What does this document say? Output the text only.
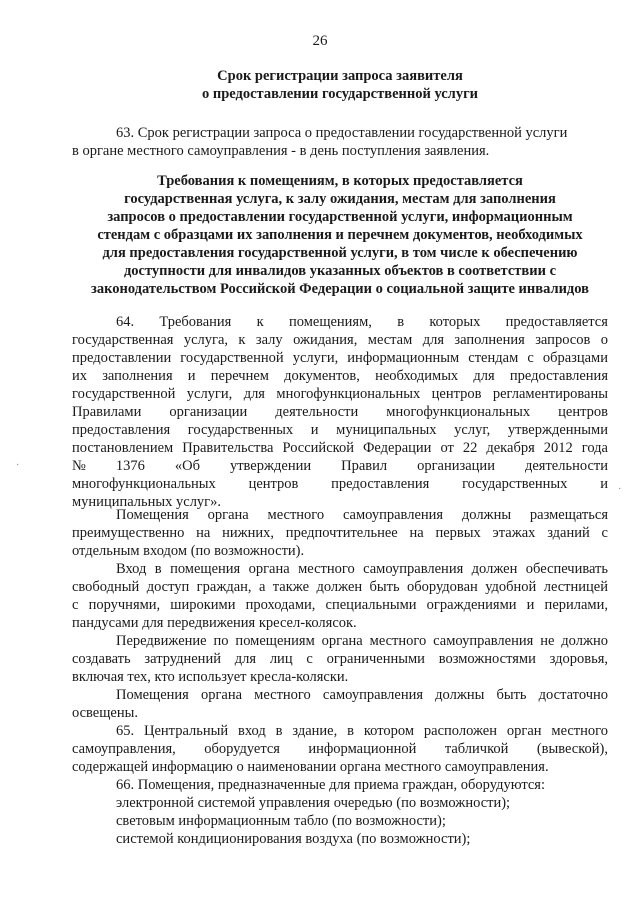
26
Срок регистрации запроса заявителя
о предоставлении государственной услуги
63. Срок регистрации запроса о предоставлении государственной услуги
в органе местного самоуправления - в день поступления заявления.
Требования к помещениям, в которых предоставляется
государственная услуга, к залу ожидания, местам для заполнения
запросов о предоставлении государственной услуги, информационным
стендам с образцами их заполнения и перечнем документов, необходимых
для предоставления государственной услуги, в том числе к обеспечению
доступности для инвалидов указанных объектов в соответствии с
законодательством Российской Федерации о социальной защите инвалидов
64. Требования к помещениям, в которых предоставляется
государственная услуга, к залу ожидания, местам для заполнения запросов о
предоставлении государственной услуги, информационным стендам с образцами
их заполнения и перечнем документов, необходимых для предоставления
государственной услуги, для многофункциональных центров регламентированы
Правилами организации деятельности многофункциональных центров
предоставления государственных и муниципальных услуг, утвержденными
постановлением Правительства Российской Федерации от 22 декабря 2012 года
№ 1376 «Об утверждении Правил организации деятельности
многофункциональных центров предоставления государственных и
муниципальных услуг».
Помещения органа местного самоуправления должны размещаться
преимущественно на нижних, предпочтительнее на первых этажах зданий с
отдельным входом (по возможности).
Вход в помещения органа местного самоуправления должен обеспечивать
свободный доступ граждан, а также должен быть оборудован удобной лестницей
с поручнями, широкими проходами, специальными ограждениями и перилами,
пандусами для передвижения кресел-колясок.
Передвижение по помещениям органа местного самоуправления не должно
создавать затруднений для лиц с ограниченными возможностями здоровья,
включая тех, кто использует кресла-коляски.
Помещения органа местного самоуправления должны быть достаточно
освещены.
65. Центральный вход в здание, в котором расположен орган местного
самоуправления, оборудуется информационной табличкой (вывеской),
содержащей информацию о наименовании органа местного самоуправления.
66. Помещения, предназначенные для приема граждан, оборудуются:
электронной системой управления очередью (по возможности);
световым информационным табло (по возможности);
системой кондиционирования воздуха (по возможности);
·
·
